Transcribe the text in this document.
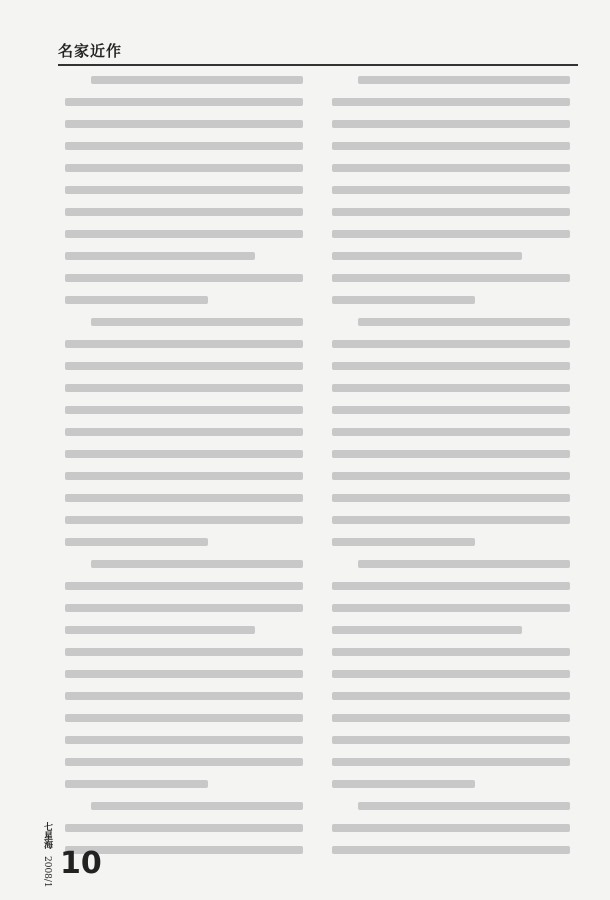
名家近作
七星海 2008/1 10
